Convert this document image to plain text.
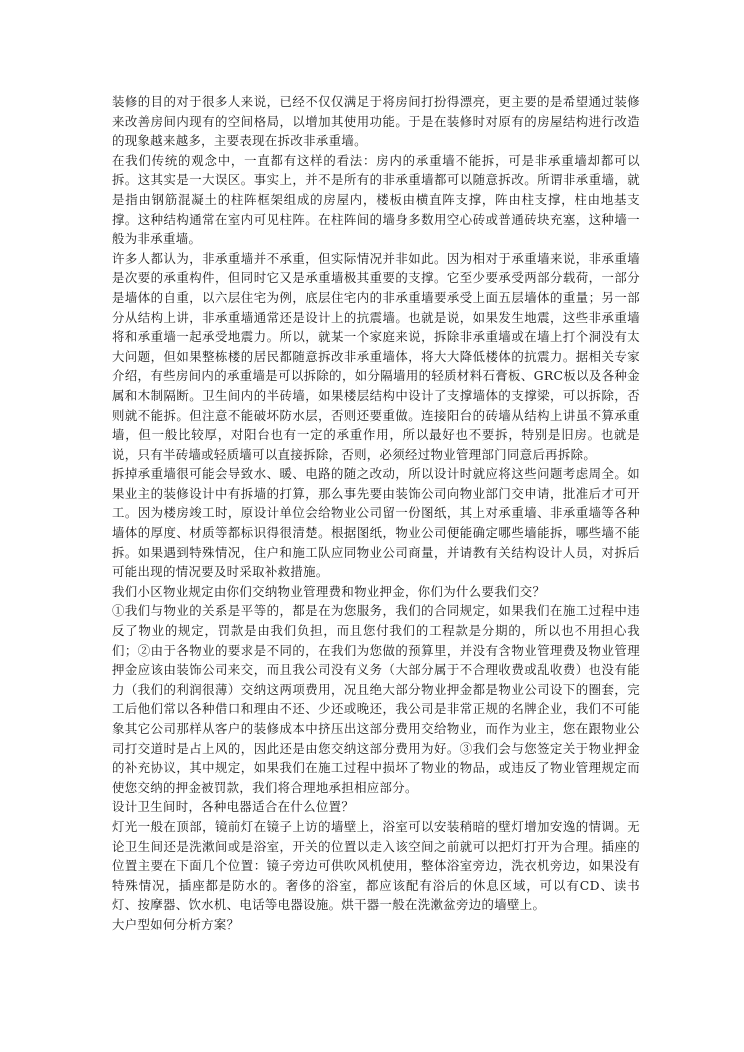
装修的目的对于很多人来说，已经不仅仅满足于将房间打扮得漂亮，更主要的是希望通过装修来改善房间内现有的空间格局，以增加其使用功能。于是在装修时对原有的房屋结构进行改造的现象越来越多，主要表现在拆改非承重墙。

在我们传统的观念中，一直都有这样的看法：房内的承重墙不能拆，可是非承重墙却都可以拆。这其实是一大误区。事实上，并不是所有的非承重墙都可以随意拆改。所谓非承重墙，就是指由钢筋混凝土的柱阵框架组成的房屋内，楼板由横直阵支撑，阵由柱支撑，柱由地基支撑。这种结构通常在室内可见柱阵。在柱阵间的墙身多数用空心砖或普通砖块充塞，这种墙一般为非承重墙。

许多人都认为，非承重墙并不承重，但实际情况并非如此。因为相对于承重墙来说，非承重墙是次要的承重构件，但同时它又是承重墙极其重要的支撑。它至少要承受两部分载荷，一部分是墙体的自重，以六层住宅为例，底层住宅内的非承重墙要承受上面五层墙体的重量；另一部分从结构上讲，非承重墙通常还是设计上的抗震墙。也就是说，如果发生地震，这些非承重墙将和承重墙一起承受地震力。所以，就某一个家庭来说，拆除非承重墙或在墙上打个洞没有太大问题，但如果整栋楼的居民都随意拆改非承重墙体，将大大降低楼体的抗震力。据相关专家介绍，有些房间内的承重墙是可以拆除的，如分隔墙用的轻质材料石膏板、GRC板以及各种金属和木制隔断。卫生间内的半砖墙，如果楼层结构中设计了支撑墙体的支撑梁，可以拆除，否则就不能拆。但注意不能破坏防水层，否则还要重做。连接阳台的砖墙从结构上讲虽不算承重墙，但一般比较厚，对阳台也有一定的承重作用，所以最好也不要拆，特别是旧房。也就是说，只有半砖墙或轻质墙可以直接拆除，否则，必须经过物业管理部门同意后再拆除。

拆掉承重墙很可能会导致水、暖、电路的随之改动，所以设计时就应将这些问题考虑周全。如果业主的装修设计中有拆墙的打算，那么事先要由装饰公司向物业部门交申请，批准后才可开工。因为楼房竣工时，原设计单位会给物业公司留一份图纸，其上对承重墙、非承重墙等各种墙体的厚度、材质等都标识得很清楚。根据图纸，物业公司便能确定哪些墙能拆，哪些墙不能拆。如果遇到特殊情况，住户和施工队应同物业公司商量，并请教有关结构设计人员，对拆后可能出现的情况要及时采取补救措施。

我们小区物业规定由你们交纳物业管理费和物业押金，你们为什么要我们交？

①我们与物业的关系是平等的，都是在为您服务，我们的合同规定，如果我们在施工过程中违反了物业的规定，罚款是由我们负担，而且您付我们的工程款是分期的，所以也不用担心我们；②由于各物业的要求是不同的，在我们为您做的预算里，并没有含物业管理费及物业管理押金应该由装饰公司来交，而且我公司没有义务（大部分属于不合理收费或乱收费）也没有能力（我们的利润很薄）交纳这两项费用，况且绝大部分物业押金都是物业公司设下的圈套，完工后他们常以各种借口和理由不还、少还或晚还，我公司是非常正规的名牌企业，我们不可能象其它公司那样从客户的装修成本中挤压出这部分费用交给物业，而作为业主，您在跟物业公司打交道时是占上风的，因此还是由您交纳这部分费用为好。③我们会与您签定关于物业押金的补充协议，其中规定，如果我们在施工过程中损坏了物业的物品，或违反了物业管理规定而使您交纳的押金被罚款，我们将合理地承担相应部分。

设计卫生间时，各种电器适合在什么位置？

灯光一般在顶部，镜前灯在镜子上访的墙壁上，浴室可以安装稍暗的壁灯增加安逸的情调。无论卫生间还是洗漱间或是浴室，开关的位置以走入该空间之前就可以把灯打开为合理。插座的位置主要在下面几个位置：镜子旁边可供吹风机使用，整体浴室旁边，洗衣机旁边，如果没有特殊情况，插座都是防水的。奢侈的浴室，都应该配有浴后的休息区域，可以有CD、读书灯、按摩器、饮水机、电话等电器设施。烘干器一般在洗漱盆旁边的墙壁上。

大户型如何分析方案？
